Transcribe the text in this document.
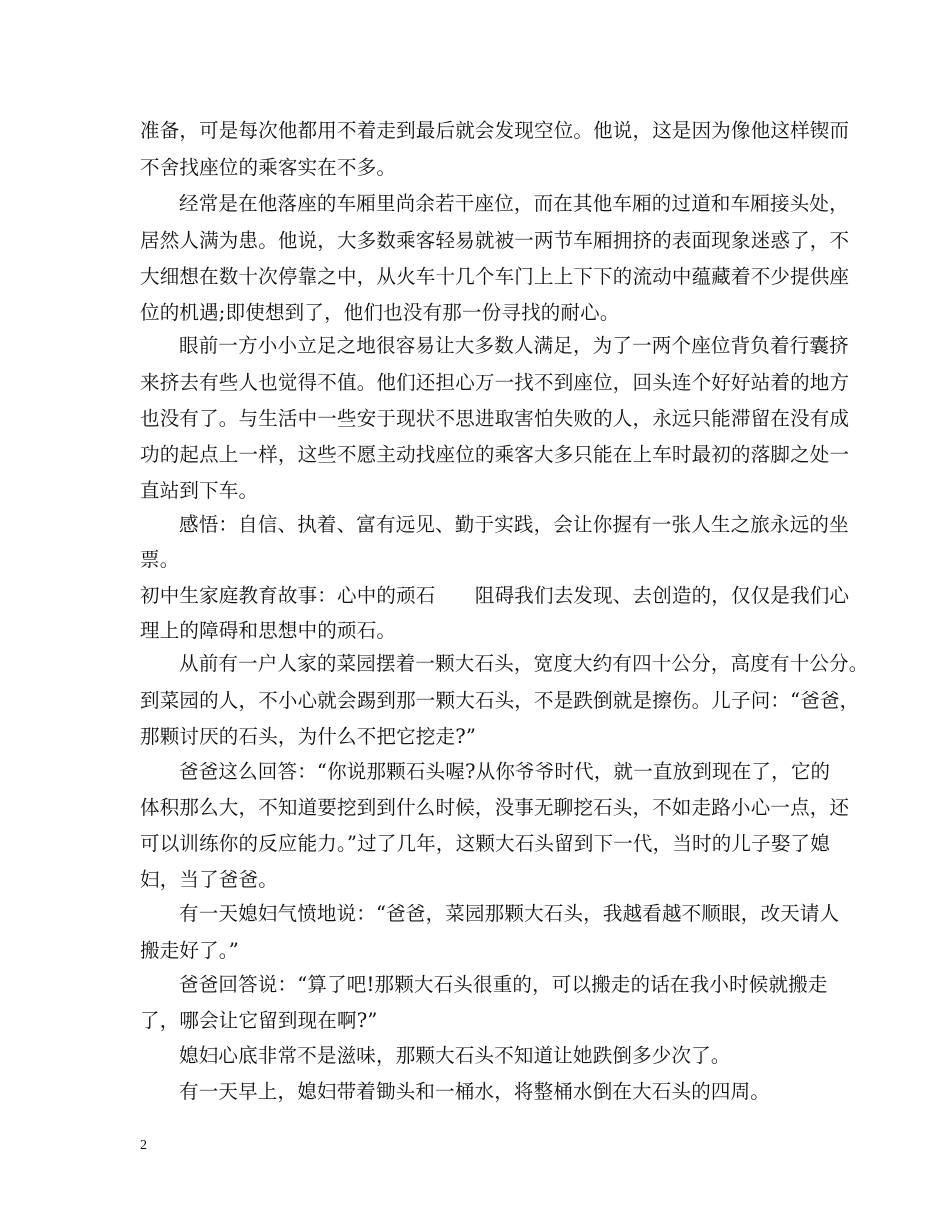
准备，可是每次他都用不着走到最后就会发现空位。他说，这是因为像他这样锲而
不舍找座位的乘客实在不多。
经常是在他落座的车厢里尚余若干座位，而在其他车厢的过道和车厢接头处，
居然人满为患。他说，大多数乘客轻易就被一两节车厢拥挤的表面现象迷惑了，不
大细想在数十次停靠之中，从火车十几个车门上上下下的流动中蕴藏着不少提供座
位的机遇;即使想到了，他们也没有那一份寻找的耐心。
眼前一方小小立足之地很容易让大多数人满足，为了一两个座位背负着行囊挤
来挤去有些人也觉得不值。他们还担心万一找不到座位，回头连个好好站着的地方
也没有了。与生活中一些安于现状不思进取害怕失败的人，永远只能滞留在没有成
功的起点上一样，这些不愿主动找座位的乘客大多只能在上车时最初的落脚之处一
直站到下车。
感悟：自信、执着、富有远见、勤于实践，会让你握有一张人生之旅永远的坐
票。
初中生家庭教育故事：心中的顽石　　阻碍我们去发现、去创造的，仅仅是我们心
理上的障碍和思想中的顽石。
从前有一户人家的菜园摆着一颗大石头，宽度大约有四十公分，高度有十公分。
到菜园的人，不小心就会踢到那一颗大石头，不是跌倒就是擦伤。儿子问：“爸爸，
那颗讨厌的石头，为什么不把它挖走?”
爸爸这么回答：“你说那颗石头喔?从你爷爷时代，就一直放到现在了，它的
体积那么大，不知道要挖到到什么时候，没事无聊挖石头，不如走路小心一点，还
可以训练你的反应能力。”过了几年，这颗大石头留到下一代，当时的儿子娶了媳
妇，当了爸爸。
有一天媳妇气愤地说：“爸爸，菜园那颗大石头，我越看越不顺眼，改天请人
搬走好了。”
爸爸回答说：“算了吧!那颗大石头很重的，可以搬走的话在我小时候就搬走
了，哪会让它留到现在啊?”
媳妇心底非常不是滋味，那颗大石头不知道让她跌倒多少次了。
有一天早上，媳妇带着锄头和一桶水，将整桶水倒在大石头的四周。
2
